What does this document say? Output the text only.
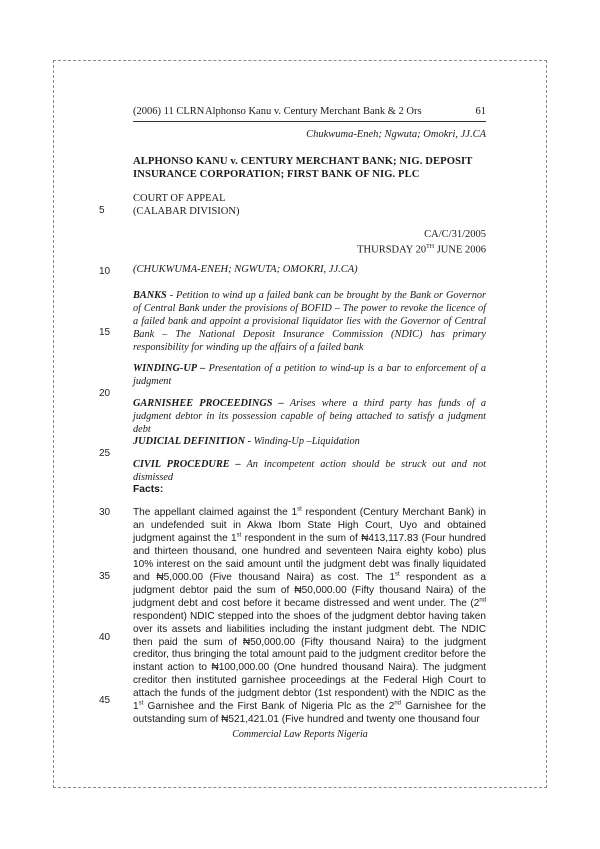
(2006) 11 CLRN Alphonso Kanu v. Century Merchant Bank & 2 Ors	61
Chukwuma-Eneh; Ngwuta; Omokri, JJ.CA
ALPHONSO KANU v. CENTURY MERCHANT BANK; NIG. DEPOSIT INSURANCE CORPORATION; FIRST BANK OF NIG. PLC
COURT OF APPEAL
(CALABAR DIVISION)
CA/C/31/2005
THURSDAY 20TH JUNE 2006
(CHUKWUMA-ENEH; NGWUTA; OMOKRI, JJ.CA)
5
10
15
20
25
30
35
40
45
BANKS - Petition to wind up a failed bank can be brought by the Bank or Governor of Central Bank under the provisions of BOFID – The power to revoke the licence of a failed bank and appoint a provisional liquidator lies with the Governor of Central Bank – The National Deposit Insurance Commission (NDIC) has primary responsibility for winding up the affairs of a failed bank
WINDING-UP – Presentation of a petition to wind-up is a bar to enforcement of a judgment
GARNISHEE PROCEEDINGS – Arises where a third party has funds of a judgment debtor in its possession capable of being attached to satisfy a judgment debt
JUDICIAL DEFINITION - Winding-Up –Liquidation
CIVIL PROCEDURE – An incompetent action should be struck out and not dismissed
Facts:
The appellant claimed against the 1st respondent (Century Merchant Bank) in an undefended suit in Akwa Ibom State High Court, Uyo and obtained judgment against the 1st respondent in the sum of ₦413,117.83 (Four hundred and thirteen thousand, one hundred and seventeen Naira eighty kobo) plus 10% interest on the said amount until the judgment debt was finally liquidated and ₦5,000.00 (Five thousand Naira) as cost. The 1st respondent as a judgment debtor paid the sum of ₦50,000.00 (Fifty thousand Naira) of the judgment debt and cost before it became distressed and went under. The (2nd respondent) NDIC stepped into the shoes of the judgment debtor having taken over its assets and liabilities including the instant judgment debt. The NDIC then paid the sum of ₦50,000.00 (Fifty thousand Naira) to the judgment creditor, thus bringing the total amount paid to the judgment creditor before the instant action to ₦100,000.00 (One hundred thousand Naira). The judgment creditor then instituted garnishee proceedings at the Federal High Court to attach the funds of the judgment debtor (1st respondent) with the NDIC as the 1st Garnishee and the First Bank of Nigeria Plc as the 2nd Garnishee for the outstanding sum of ₦521,421.01 (Five hundred and twenty one thousand four
Commercial Law Reports Nigeria
